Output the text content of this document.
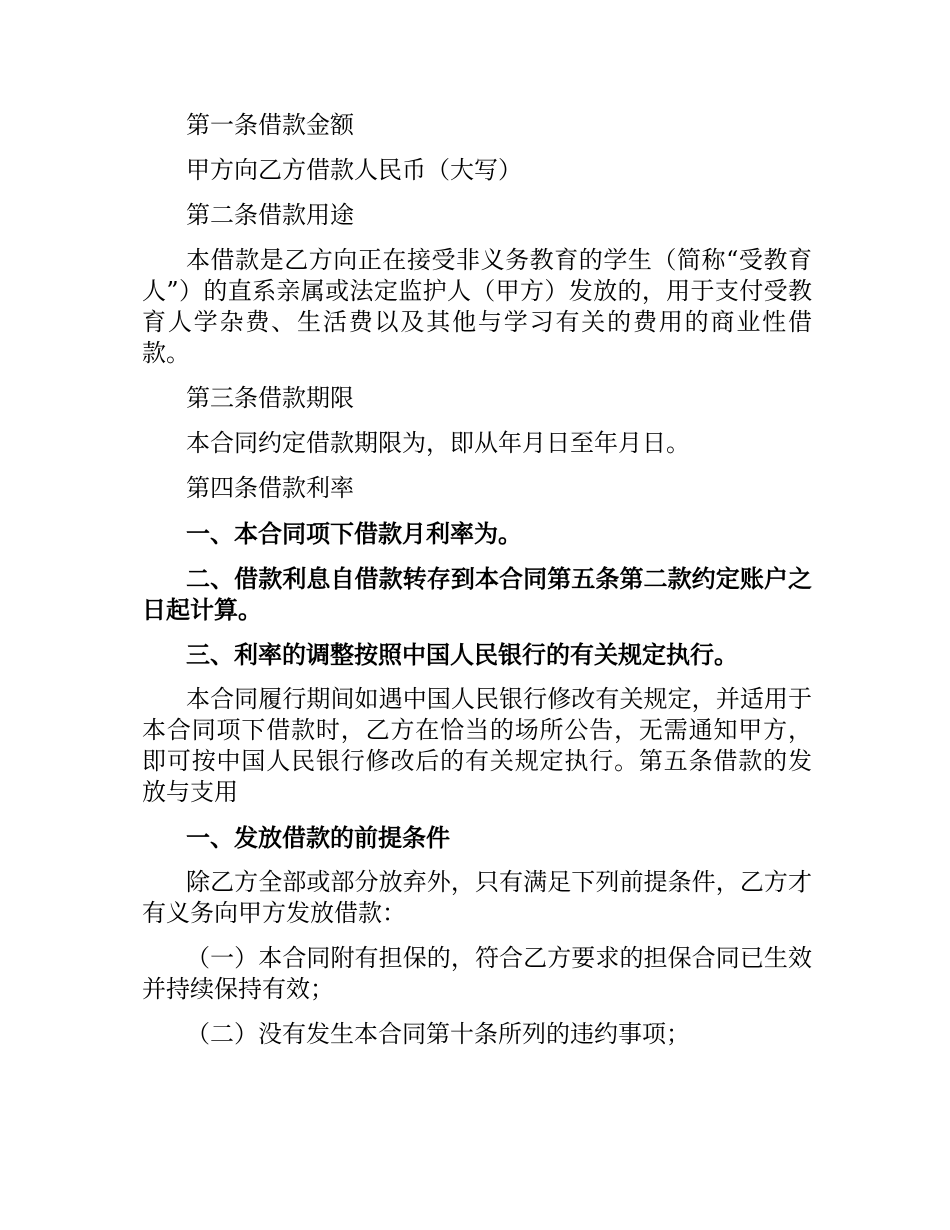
第一条借款金额

甲方向乙方借款人民币（大写）

第二条借款用途

本借款是乙方向正在接受非义务教育的学生（简称“受教育人”）的直系亲属或法定监护人（甲方）发放的，用于支付受教育人学杂费、生活费以及其他与学习有关的费用的商业性借款。

第三条借款期限

本合同约定借款期限为，即从年月日至年月日。

第四条借款利率

一、本合同项下借款月利率为。

二、借款利息自借款转存到本合同第五条第二款约定账户之日起计算。

三、利率的调整按照中国人民银行的有关规定执行。

本合同履行期间如遇中国人民银行修改有关规定，并适用于本合同项下借款时，乙方在恰当的场所公告，无需通知甲方，即可按中国人民银行修改后的有关规定执行。第五条借款的发放与支用

一、发放借款的前提条件

除乙方全部或部分放弃外，只有满足下列前提条件，乙方才有义务向甲方发放借款：

（一）本合同附有担保的，符合乙方要求的担保合同已生效并持续保持有效；

（二）没有发生本合同第十条所列的违约事项；
